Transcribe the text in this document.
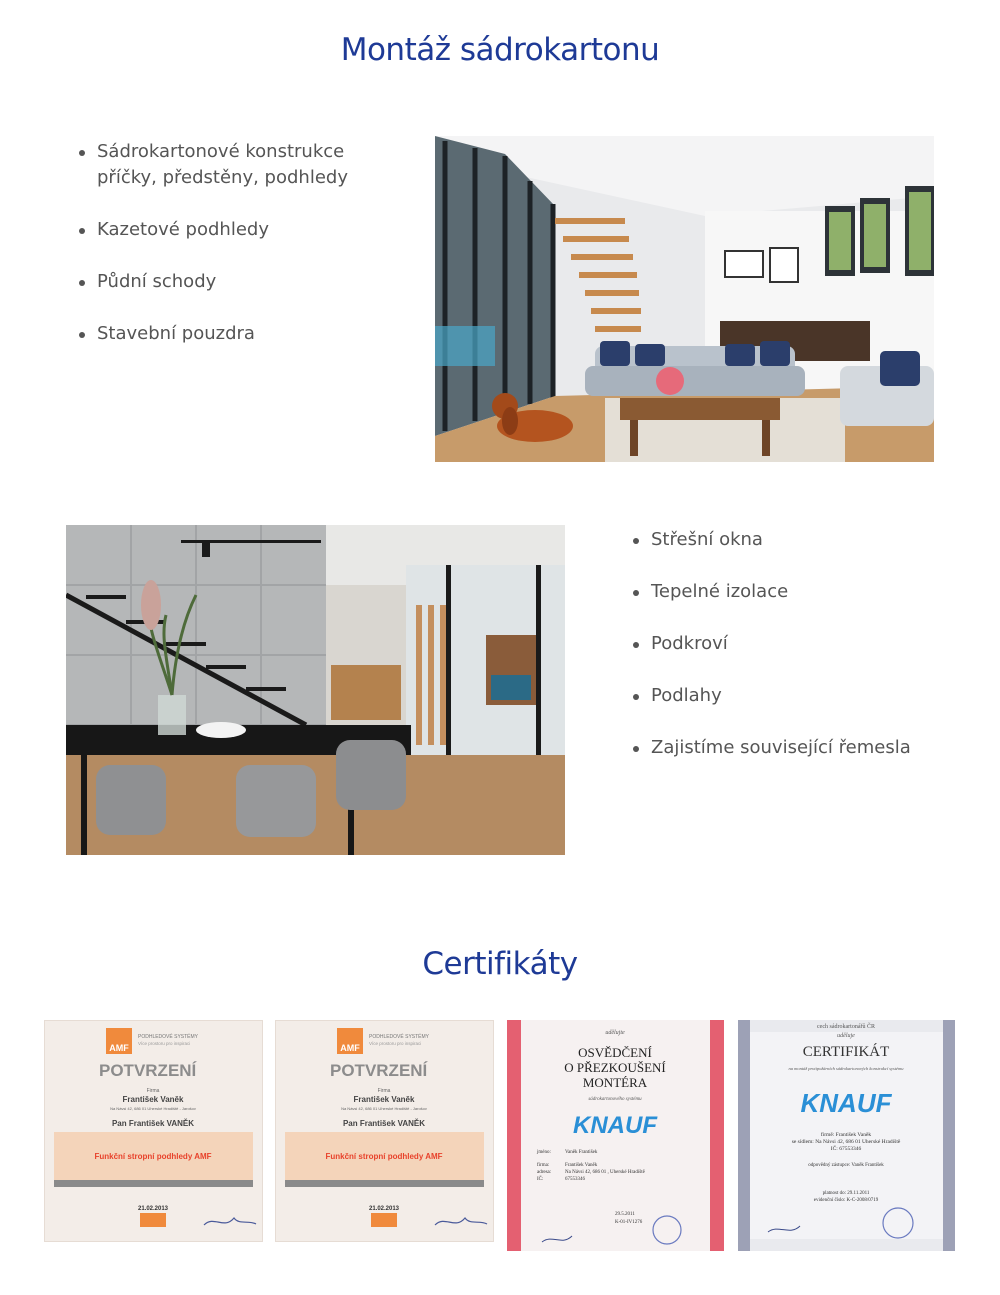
Montáž sádrokartonu
Sádrokartonové konstrukce
příčky, předstěny, podhledy
Kazetové podhledy
Půdní schody
Stavební pouzdra
Střešní okna
Tepelné izolace
Podkroví
Podlahy
Zajistíme související řemesla
Certifikáty
AMF
PODHLEDOVÉ SYSTÉMY
Více prostoru pro inspiraci
POTVRZENÍ
Firma
František Vaněk
Na Návsi 42, 686 01 Uherské Hradiště - Jarošov
Pan František VANĚK
Funkční stropní podhledy AMF
21.02.2013
AMF
PODHLEDOVÉ SYSTÉMY
Více prostoru pro inspiraci
POTVRZENÍ
Firma
František Vaněk
Na Návsi 42, 686 01 Uherské Hradiště - Jarošov
Pan František VANĚK
Funkční stropní podhledy AMF
21.02.2013
udělujte
OSVĚDČENÍ
O PŘEZKOUŠENÍ
MONTÉRA
sádrokartonového systému
KNAUF
jméno:	Vaněk František
firma:	František Vaněk
adresa:	Na Návsi 42, 686 01 , Uherské Hradiště
IČ:	67553346
29.5.2011
K-01-IV1276
cech sádrokartonářů ČR
uděluje
CERTIFIKÁT
na montáž protipožárních sádrokartonových konstrukcí systému
KNAUF
firmě: František Vaněk
se sídlem: Na Návsi 42, 686 01 Uherské Hradiště
IČ: 67553346
odpovědný zástupce: Vaněk František
platnost do: 29.11.2011
evidenční číslo: K-C-2008/0719
